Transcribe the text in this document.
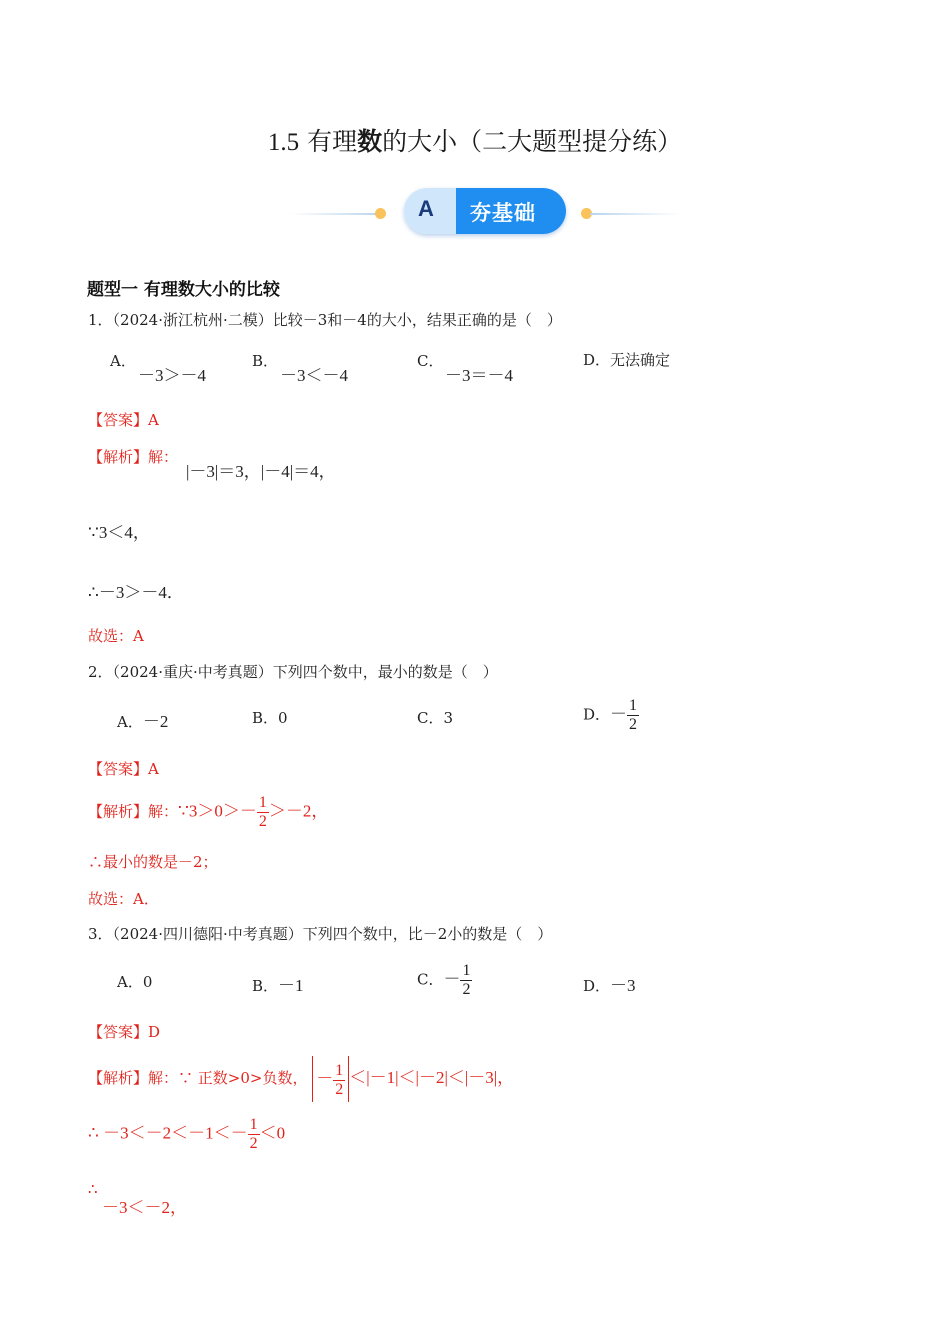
1.5 有理数的大小（二大题型提分练）
A 夯基础
题型一 有理数大小的比较
1．（2024·浙江杭州·二模）比较－3和－4的大小，结果正确的是（　）
A．
－3＞－4
B．
－3＜－4
C．
－3＝－4
D．无法确定
【答案】A
【解析】解：
|－3|＝3，|－4|＝4，
∵3＜4，
∴－3＞－4．
故选：A
2．（2024·重庆·中考真题）下列四个数中，最小的数是（　）
A．－2	B．0	C．3	D．－ $\frac{1}{2}$
【答案】A
【解析】解：∵3＞0＞－ $\frac{1}{2} >-2$，
∴最小的数是－2；
故选：A．
3．（2024·四川德阳·中考真题）下列四个数中，比－2小的数是（　）
A．0	B．－1	C．－ $\frac{1}{2}$	D．－3
【答案】D
【解析】解：∵ 正数>0>负数， － $\frac{1}{2} <|-1|<|-2|<|-3|$，
∴ $-3<-2<-1<- \frac{1}{2} <0$
∴
－3＜－2，
